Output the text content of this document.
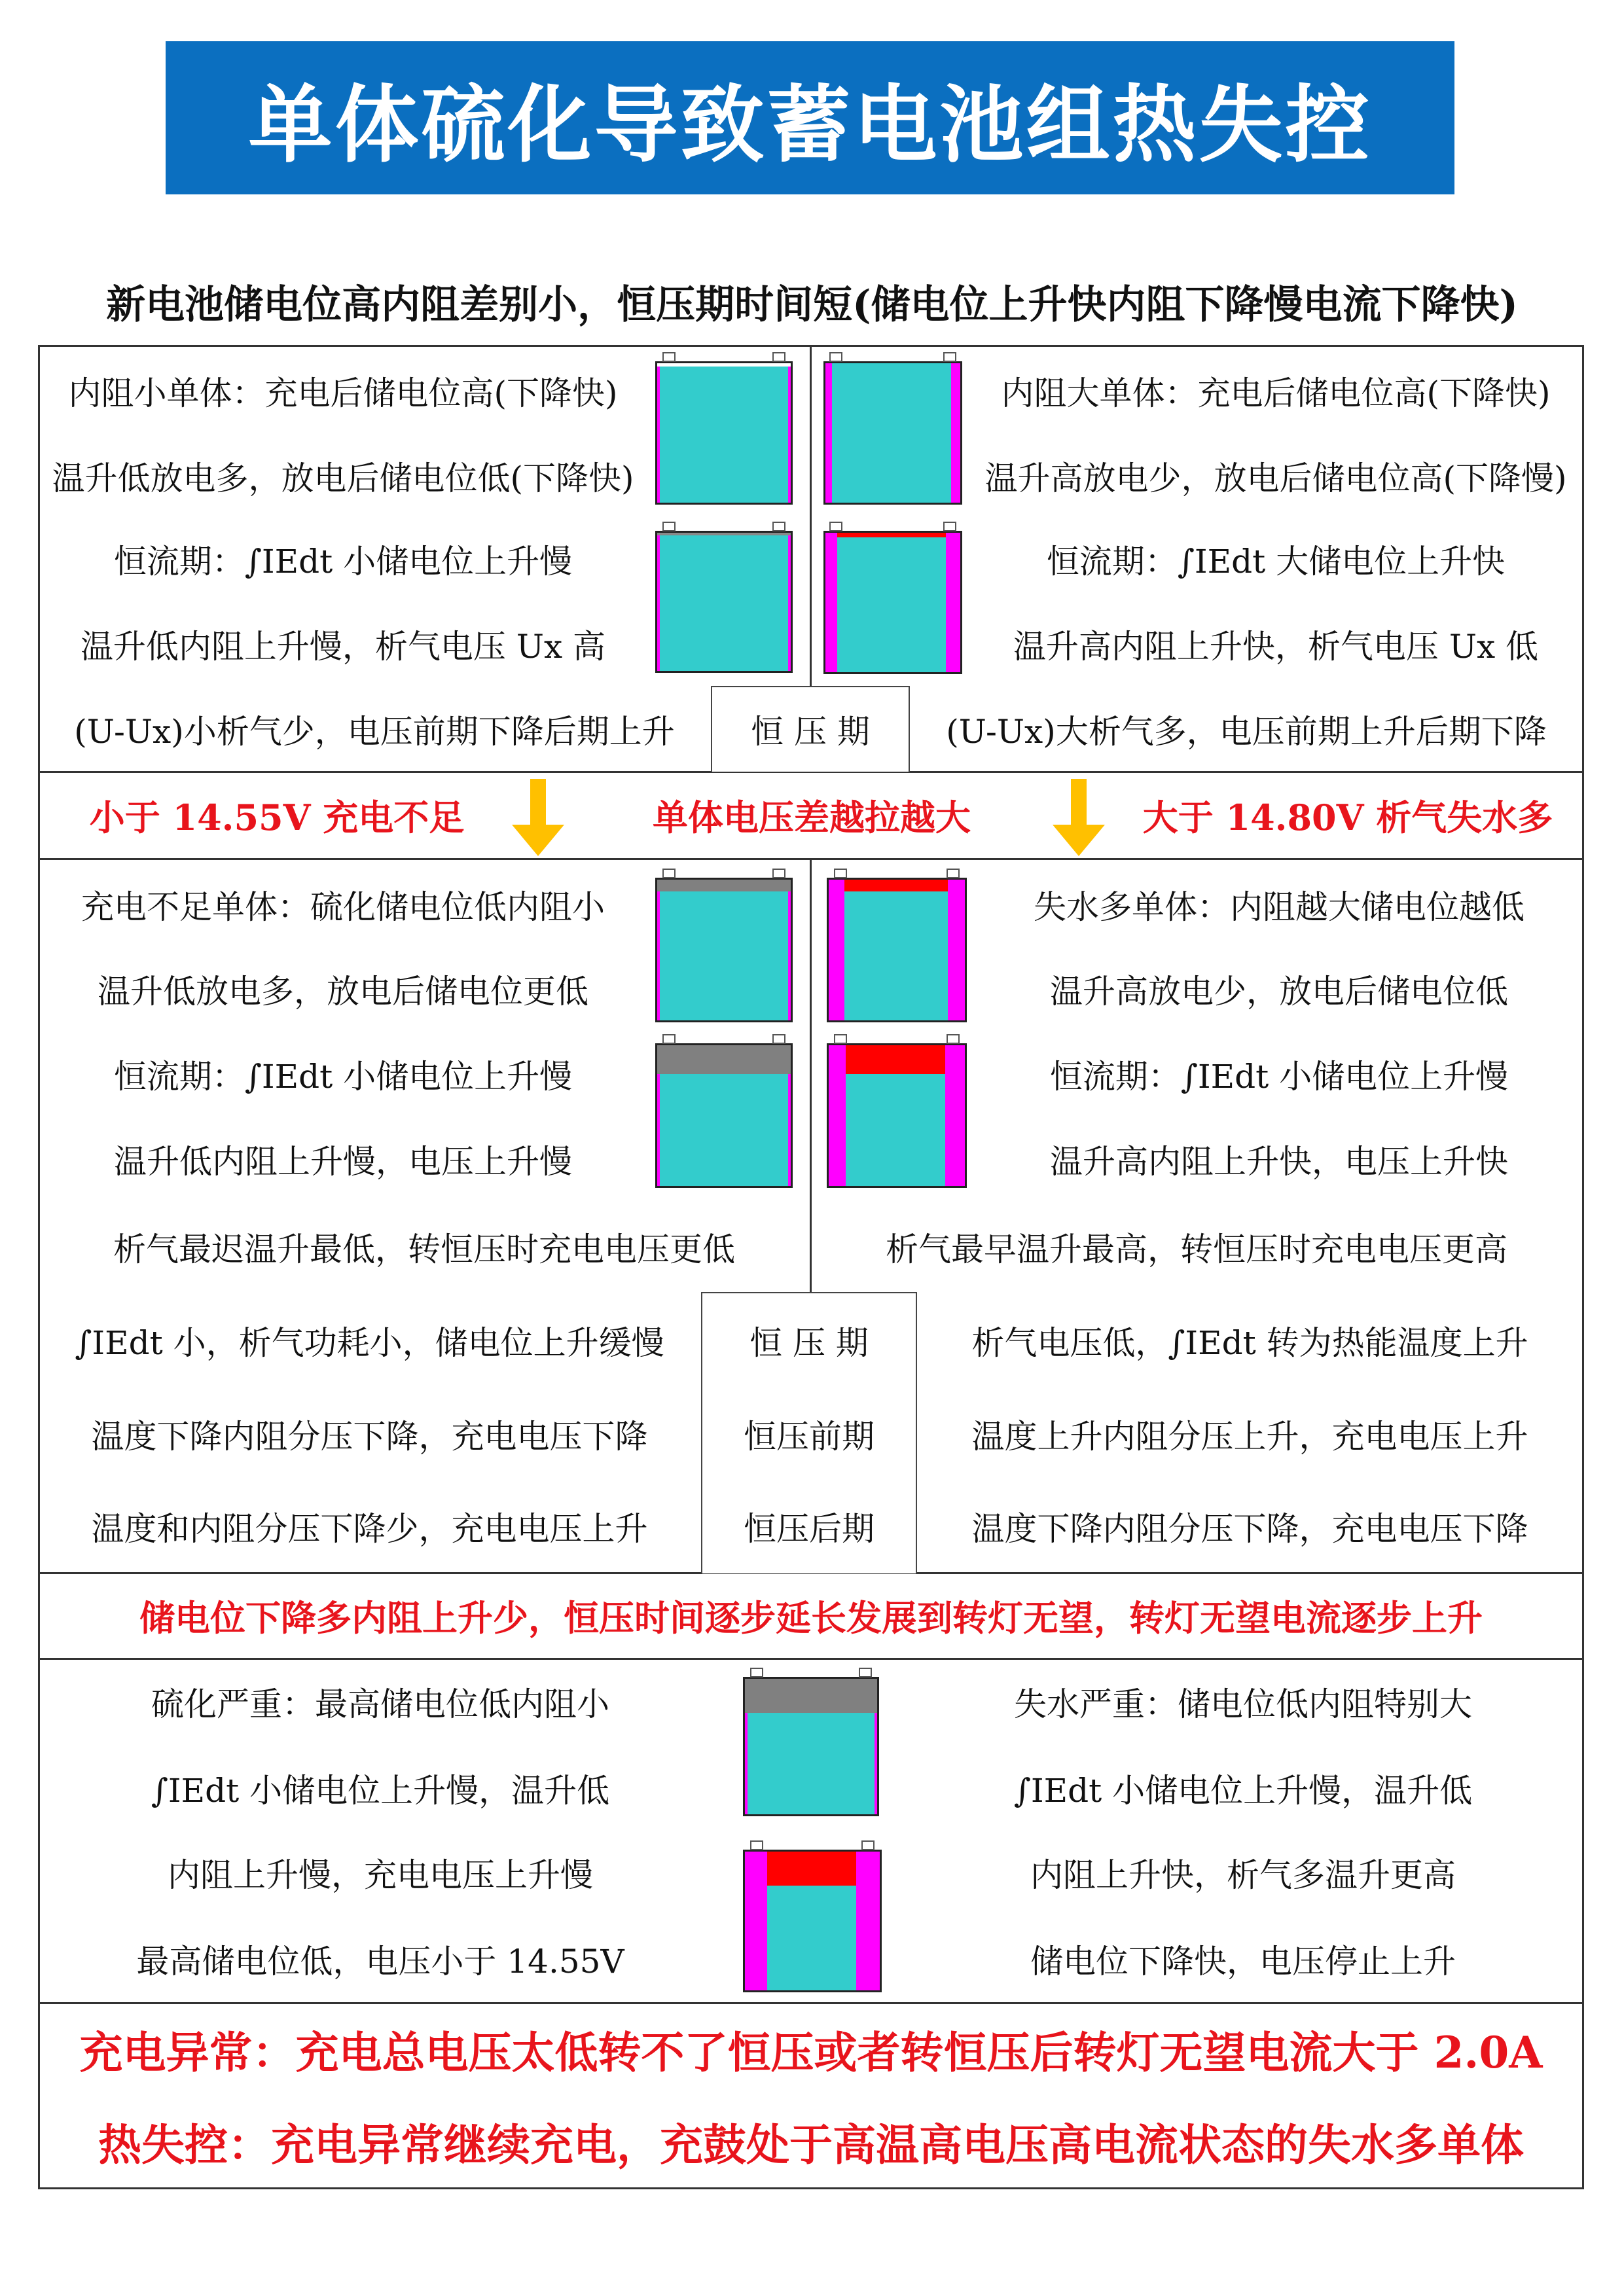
单体硫化导致蓄电池组热失控
新电池储电位高内阻差别小，恒压期时间短(储电位上升快内阻下降慢电流下降快)
内阻小单体：充电后储电位高(下降快)
温升低放电多，放电后储电位低(下降快)
恒流期：∫IEdt 小储电位上升慢
温升低内阻上升慢，析气电压 Ux 高
(U-Ux)小析气少，电压前期下降后期上升
内阻大单体：充电后储电位高(下降快)
温升高放电少，放电后储电位高(下降慢)
恒流期：∫IEdt 大储电位上升快
温升高内阻上升快，析气电压 Ux 低
(U-Ux)大析气多，电压前期上升后期下降
恒 压 期
小于 14.55V 充电不足	单体电压差越拉越大	大于 14.80V 析气失水多
充电不足单体：硫化储电位低内阻小
温升低放电多，放电后储电位更低
恒流期：∫IEdt 小储电位上升慢
温升低内阻上升慢，电压上升慢
析气最迟温升最低，转恒压时充电电压更低
∫IEdt 小，析气功耗小，储电位上升缓慢
温度下降内阻分压下降，充电电压下降
温度和内阻分压下降少，充电电压上升
失水多单体：内阻越大储电位越低
温升高放电少，放电后储电位低
恒流期：∫IEdt 小储电位上升慢
温升高内阻上升快，电压上升快
析气最早温升最高，转恒压时充电电压更高
析气电压低，∫IEdt 转为热能温度上升
温度上升内阻分压上升，充电电压上升
温度下降内阻分压下降，充电电压下降
恒 压 期
恒压前期
恒压后期
储电位下降多内阻上升少，恒压时间逐步延长发展到转灯无望，转灯无望电流逐步上升
硫化严重：最高储电位低内阻小
∫IEdt 小储电位上升慢，温升低
内阻上升慢，充电电压上升慢
最高储电位低，电压小于 14.55V
失水严重：储电位低内阻特别大
∫IEdt 小储电位上升慢，温升低
内阻上升快，析气多温升更高
储电位下降快，电压停止上升
充电异常：充电总电压太低转不了恒压或者转恒压后转灯无望电流大于 2.0A
热失控：充电异常继续充电，充鼓处于高温高电压高电流状态的失水多单体
